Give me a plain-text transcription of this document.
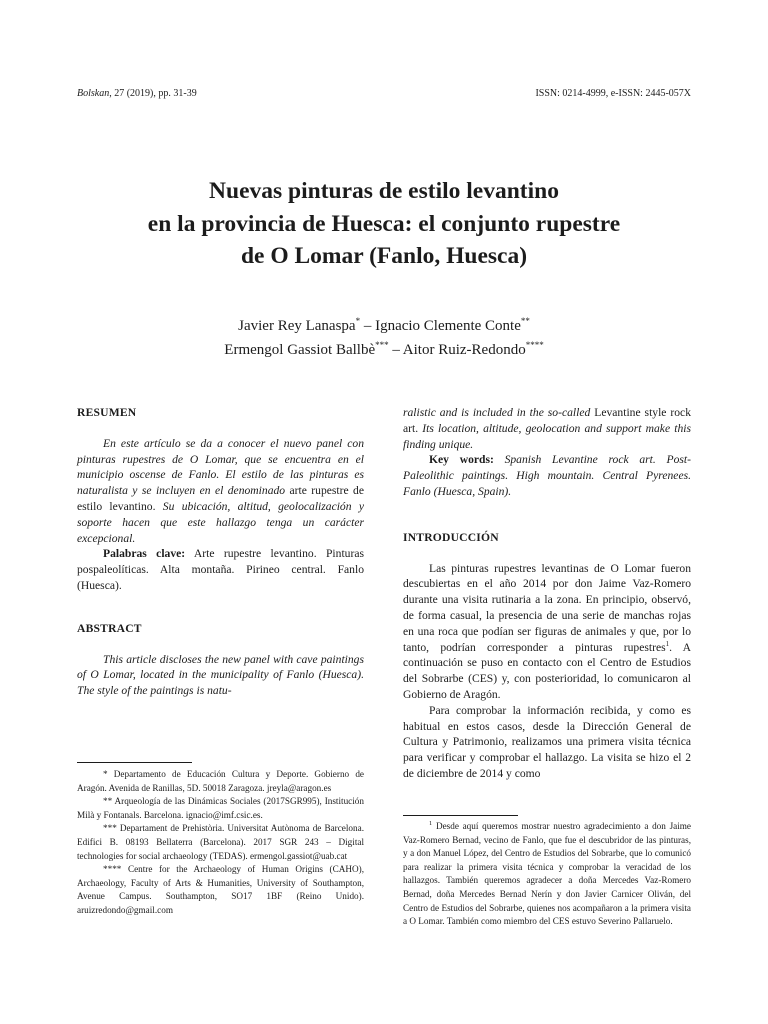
Bolskan, 27 (2019), pp. 31-39	ISSN: 0214-4999, e-ISSN: 2445-057X
Nuevas pinturas de estilo levantino
en la provincia de Huesca: el conjunto rupestre
de O Lomar (Fanlo, Huesca)
Javier Rey Lanaspa* – Ignacio Clemente Conte**
Ermengol Gassiot Ballbè*** – Aitor Ruiz-Redondo****
RESUMEN

En este artículo se da a conocer el nuevo panel con pinturas rupestres de O Lomar, que se encuentra en el municipio oscense de Fanlo. El estilo de las pinturas es naturalista y se incluyen en el denominado arte rupestre de estilo levantino. Su ubicación, altitud, geolocalización y soporte hacen que este hallazgo tenga un carácter excepcional.

Palabras clave: Arte rupestre levantino. Pinturas pospaleolíticas. Alta montaña. Pirineo central. Fanlo (Huesca).

ABSTRACT

This article discloses the new panel with cave paintings of O Lomar, located in the municipality of Fanlo (Huesca). The style of the paintings is natu-

* Departamento de Educación Cultura y Deporte. Gobierno de Aragón. Avenida de Ranillas, 5D. 50018 Zaragoza. jreyla@aragon.es

** Arqueología de las Dinámicas Sociales (2017SGR995), Institución Milà y Fontanals. Barcelona. ignacio@imf.csic.es.

*** Departament de Prehistòria. Universitat Autònoma de Barcelona. Edifici B. 08193 Bellaterra (Barcelona). 2017 SGR 243 – Digital technologies for social archaeology (TEDAS). ermengol.gassiot@uab.cat

**** Centre for the Archaeology of Human Origins (CAHO), Archaeology, Faculty of Arts & Humanities, University of Southampton, Avenue Campus. Southampton, SO17 1BF (Reino Unido). aruizredondo@gmail.com

ralistic and is included in the so-called Levantine style rock art. Its location, altitude, geolocation and support make this finding unique.

Key words: Spanish Levantine rock art. Post-Paleolithic paintings. High mountain. Central Pyrenees. Fanlo (Huesca, Spain).

INTRODUCCIÓN

Las pinturas rupestres levantinas de O Lomar fueron descubiertas en el año 2014 por don Jaime Vaz-Romero durante una visita rutinaria a la zona. En principio, observó, de forma casual, la presencia de una serie de manchas rojas en una roca que podían ser figuras de animales y que, por lo tanto, podrían corresponder a pinturas rupestres$^1$. A continuación se puso en contacto con el Centro de Estudios del Sobrarbe (CES) y, con posterioridad, lo comunicaron al Gobierno de Aragón.

Para comprobar la información recibida, y como es habitual en estos casos, desde la Dirección General de Cultura y Patrimonio, realizamos una primera visita técnica para verificar y comprobar el hallazgo. La visita se hizo el 2 de diciembre de 2014 y como

$^1$ Desde aquí queremos mostrar nuestro agradecimiento a don Jaime Vaz-Romero Bernad, vecino de Fanlo, que fue el descubridor de las pinturas, y a don Manuel López, del Centro de Estudios del Sobrarbe, que lo comunicó para realizar la primera visita técnica y comprobar la veracidad de los hallazgos. También queremos agradecer a doña Mercedes Vaz-Romero Bernad, doña Mercedes Bernad Nerín y don Javier Carnicer Oliván, del Centro de Estudios del Sobrarbe, quienes nos acompañaron a la primera visita a O Lomar. También como miembro del CES estuvo Severino Pallaruelo.
